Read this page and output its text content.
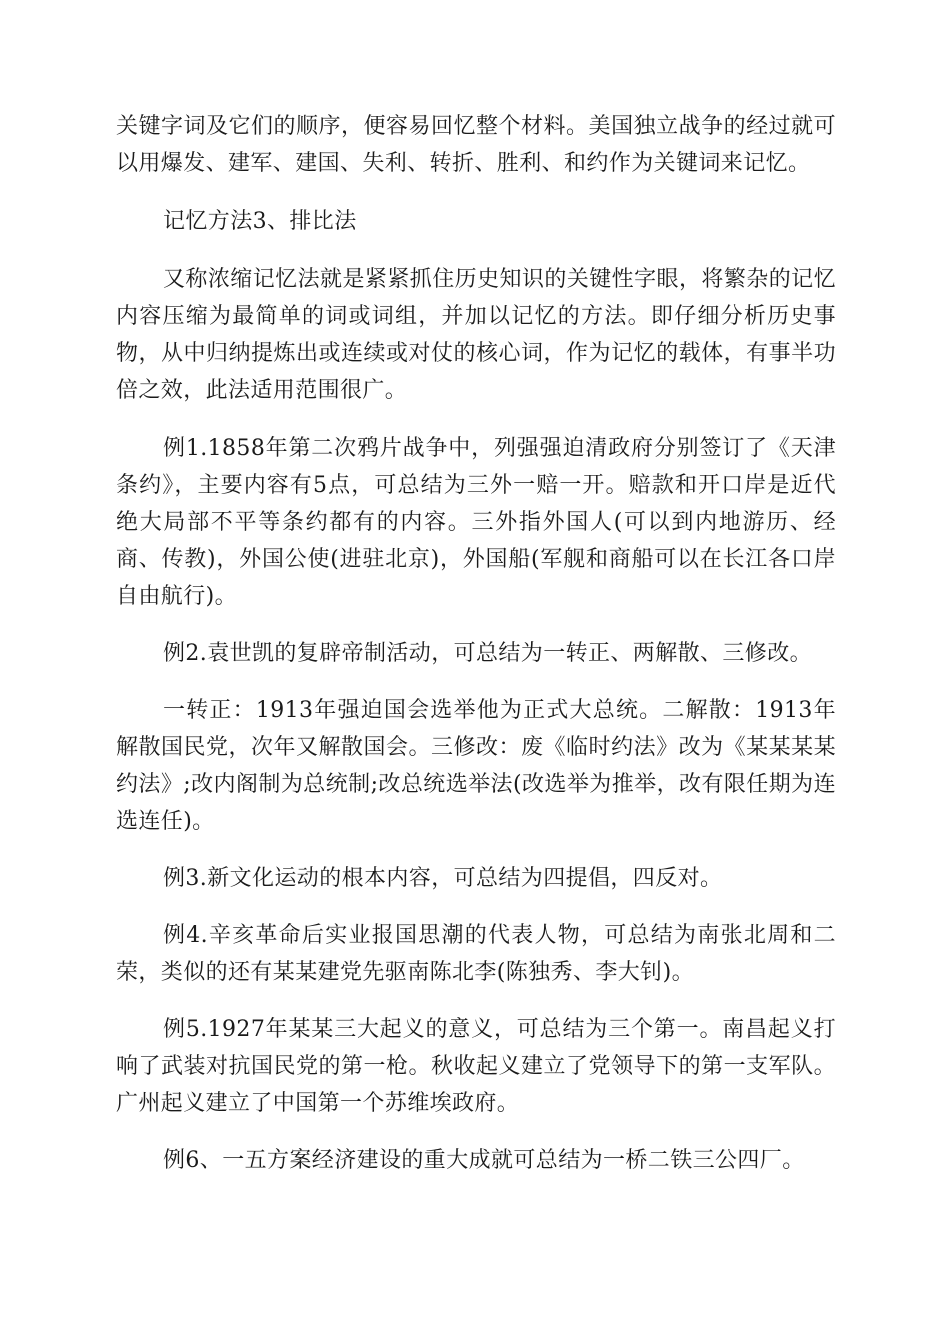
关键字词及它们的顺序，便容易回忆整个材料。美国独立战争的经过就可以用爆发、建军、建国、失利、转折、胜利、和约作为关键词来记忆。

记忆方法3、排比法

又称浓缩记忆法就是紧紧抓住历史知识的关键性字眼，将繁杂的记忆内容压缩为最简单的词或词组，并加以记忆的方法。即仔细分析历史事物，从中归纳提炼出或连续或对仗的核心词，作为记忆的载体，有事半功倍之效，此法适用范围很广。

例1.1858年第二次鸦片战争中，列强强迫清政府分别签订了《天津条约》，主要内容有5点，可总结为三外一赔一开。赔款和开口岸是近代绝大局部不平等条约都有的内容。三外指外国人(可以到内地游历、经商、传教)，外国公使(进驻北京)，外国船(军舰和商船可以在长江各口岸自由航行)。

例2.袁世凯的复辟帝制活动，可总结为一转正、两解散、三修改。

一转正：1913年强迫国会选举他为正式大总统。二解散：1913年解散国民党，次年又解散国会。三修改：废《临时约法》改为《某某某某约法》;改内阁制为总统制;改总统选举法(改选举为推举，改有限任期为连选连任)。

例3.新文化运动的根本内容，可总结为四提倡，四反对。

例4.辛亥革命后实业报国思潮的代表人物，可总结为南张北周和二荣，类似的还有某某建党先驱南陈北李(陈独秀、李大钊)。

例5.1927年某某三大起义的意义，可总结为三个第一。南昌起义打响了武装对抗国民党的第一枪。秋收起义建立了党领导下的第一支军队。广州起义建立了中国第一个苏维埃政府。

例6、一五方案经济建设的重大成就可总结为一桥二铁三公四厂。
